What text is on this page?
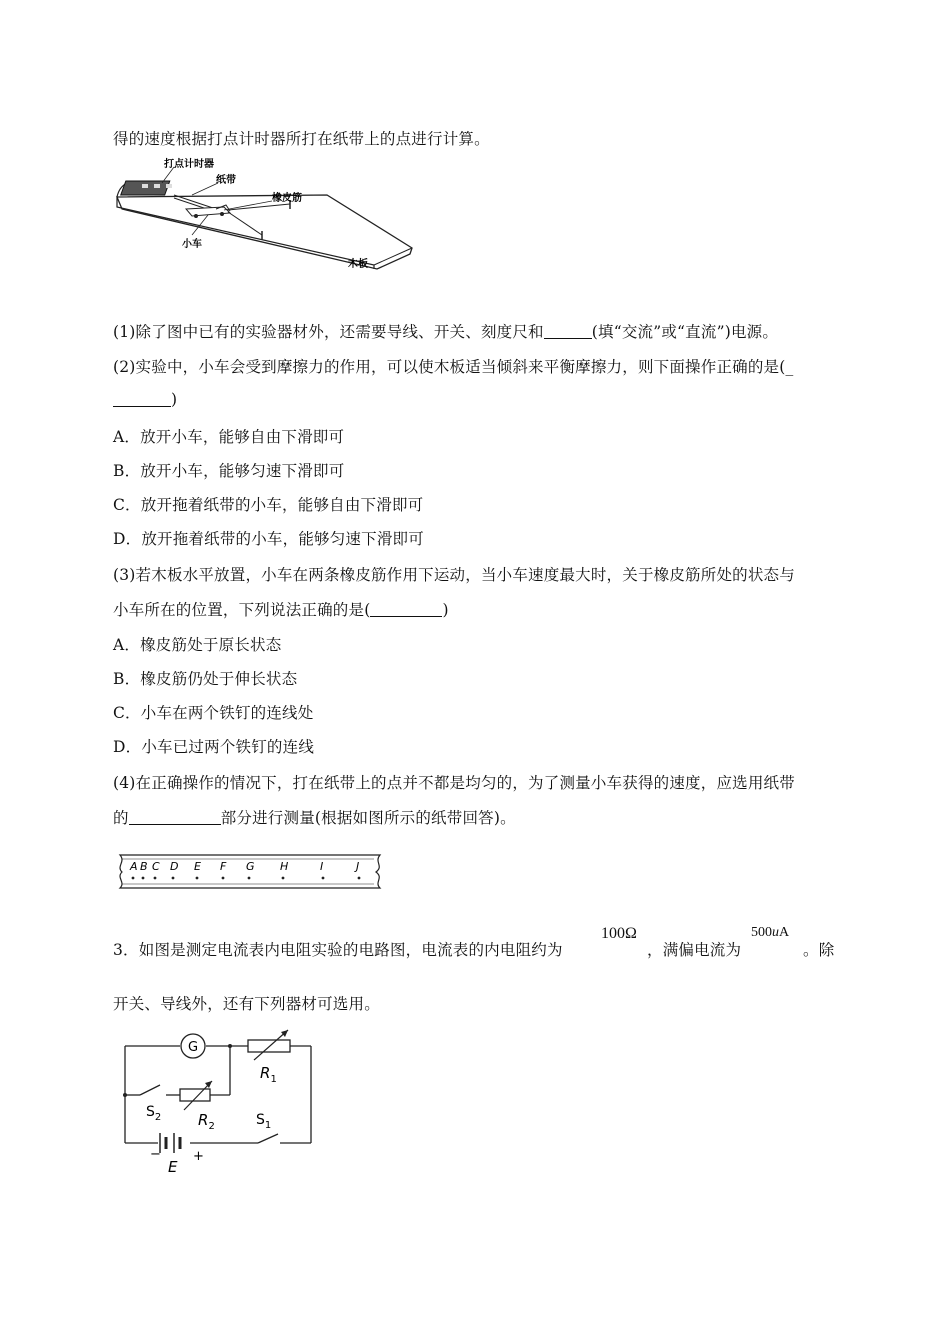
得的速度根据打点计时器所打在纸带上的点进行计算。
打点计时器
纸带
橡皮筋
小车
木板
(1)除了图中已有的实验器材外，还需要导线、开关、刻度尺和	(填“交流”或“直流”)电源。
(2)实验中，小车会受到摩擦力的作用，可以使木板适当倾斜来平衡摩擦力，则下面操作正确的是(_
)
A．放开小车，能够自由下滑即可
B．放开小车，能够匀速下滑即可
C．放开拖着纸带的小车，能够自由下滑即可
D．放开拖着纸带的小车，能够匀速下滑即可
(3)若木板水平放置，小车在两条橡皮筋作用下运动，当小车速度最大时，关于橡皮筋所处的状态与
小车所在的位置，下列说法正确的是(	)
A．橡皮筋处于原长状态
B．橡皮筋仍处于伸长状态
C．小车在两个铁钉的连线处
D．小车已过两个铁钉的连线
(4)在正确操作的情况下，打在纸带上的点并不都是均匀的，为了测量小车获得的速度，应选用纸带
的	部分进行测量(根据如图所示的纸带回答)。
A B C D E F G H	I	J
3．如图是测定电流表内电阻实验的电路图，电流表的内电阻约为
100Ω
，满偏电流为
500uA
。除
开关、导线外，还有下列器材可选用。
G
$R_1$
$R_2$
$S_2$	$S_1$
−
E
+
